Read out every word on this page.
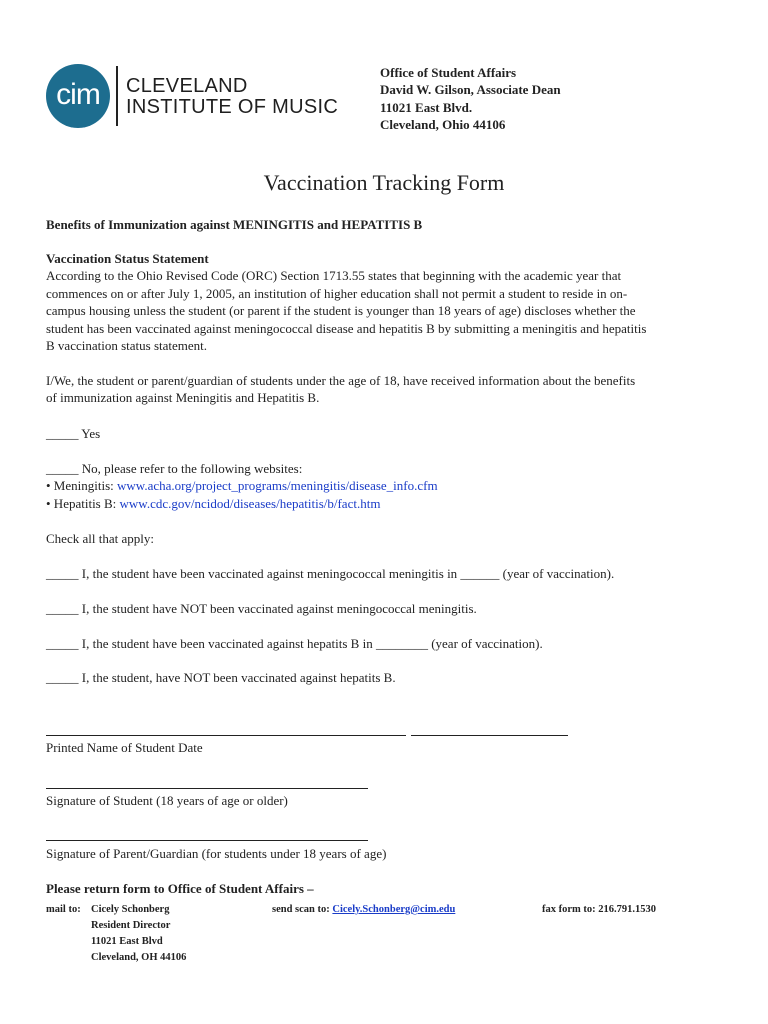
cim	CLEVELAND
INSTITUTE OF MUSIC

Office of Student Affairs

David W. Gilson, Associate Dean

11021 East Blvd.

Cleveland, Ohio 44106

Vaccination Tracking Form

Benefits of Immunization against MENINGITIS and HEPATITIS B

Vaccination Status Statement

According to the Ohio Revised Code (ORC) Section 1713.55 states that beginning with the academic year that

commences on or after July 1, 2005, an institution of higher education shall not permit a student to reside in on-

campus housing unless the student (or parent if the student is younger than 18 years of age) discloses whether the

student has been vaccinated against meningococcal disease and hepatitis B by submitting a meningitis and hepatitis

B vaccination status statement.

I/We, the student or parent/guardian of students under the age of 18, have received information about the benefits

of immunization against Meningitis and Hepatitis B.

_____ Yes

_____ No, please refer to the following websites:

• Meningitis: www.acha.org/project_programs/meningitis/disease_info.cfm

• Hepatitis B: www.cdc.gov/ncidod/diseases/hepatitis/b/fact.htm

Check all that apply:

_____ I, the student have been vaccinated against meningococcal meningitis in ______ (year of vaccination).

_____ I, the student have NOT been vaccinated against meningococcal meningitis.

_____ I, the student have been vaccinated against hepatits B in ________ (year of vaccination).

_____ I, the student, have NOT been vaccinated against hepatits B.

Printed Name of Student Date

Signature of Student (18 years of age or older)

Signature of Parent/Guardian (for students under 18 years of age)

Please return form to Office of Student Affairs –

mail to: Cicely Schonberg
Resident Director
11021 East Blvd
Cleveland, OH 44106
send scan to: Cicely.Schonberg@cim.edu	fax form to: 216.791.1530
